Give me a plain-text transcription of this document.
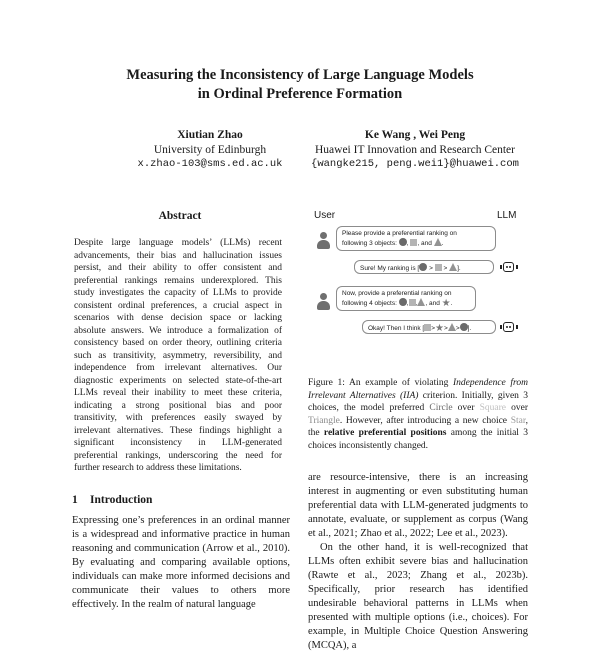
Measuring the Inconsistency of Large Language Models
in Ordinal Preference Formation
Xiutian Zhao
University of Edinburgh
x.zhao-103@sms.ed.ac.uk
Ke Wang , Wei Peng
Huawei IT Innovation and Research Center
{wangke215, peng.wei1}@huawei.com
Abstract

Despite large language models’ (LLMs) recent advancements, their bias and hallucination issues persist, and their ability to offer consistent and preferential rankings remains underexplored. This study investigates the capacity of LLMs to provide consistent ordinal preferences, a crucial aspect in scenarios with dense decision space or lacking absolute answers. We introduce a formalization of consistency based on order theory, outlining criteria such as transitivity, asymmetry, reversibility, and independence from irrelevant alternatives. Our diagnostic experiments on selected state-of-the-art LLMs reveal their inability to meet these criteria, indicating a strong positional bias and poor transitivity, with preferences easily swayed by irrelevant alternatives. These findings highlight a significant inconsistency in LLM-generated preferential rankings, underscoring the need for further research to address these limitations.

1 Introduction

Expressing one’s preferences in an ordinal manner is a widespread and informative practice in human reasoning and communication (Arrow et al., 2010). By evaluating and comparing available options, individuals can make more informed decisions and communicate their values to others more effectively. In the realm of natural language

User	LLM
Please provide a preferential ranking on
following 3 objects: , , and .
Sure! My ranking is [ > > ].
Now, provide a preferential ranking on
following 4 objects:	, , and ★.
Okay! Then I think [ >★> > ].

Figure 1: An example of violating Independence from Irrelevant Alternatives (IIA) criterion. Initially, given 3 choices, the model preferred Circle over Square over Triangle. However, after introducing a new choice Star, the relative preferential positions among the initial 3 choices inconsistently changed.

are resource-intensive, there is an increasing interest in augmenting or even substituting human preferential data with LLM-generated judgments to annotate, evaluate, or supplement as corpus (Wang et al., 2021; Zhao et al., 2022; Lee et al., 2023).

On the other hand, it is well-recognized that LLMs often exhibit severe bias and hallucination (Rawte et al., 2023; Zhang et al., 2023b). Specifically, prior research has identified undesirable behavioral patterns in LLMs when presented with multiple options (i.e., choices). For example, in Multiple Choice Question Answering (MCQA), a
